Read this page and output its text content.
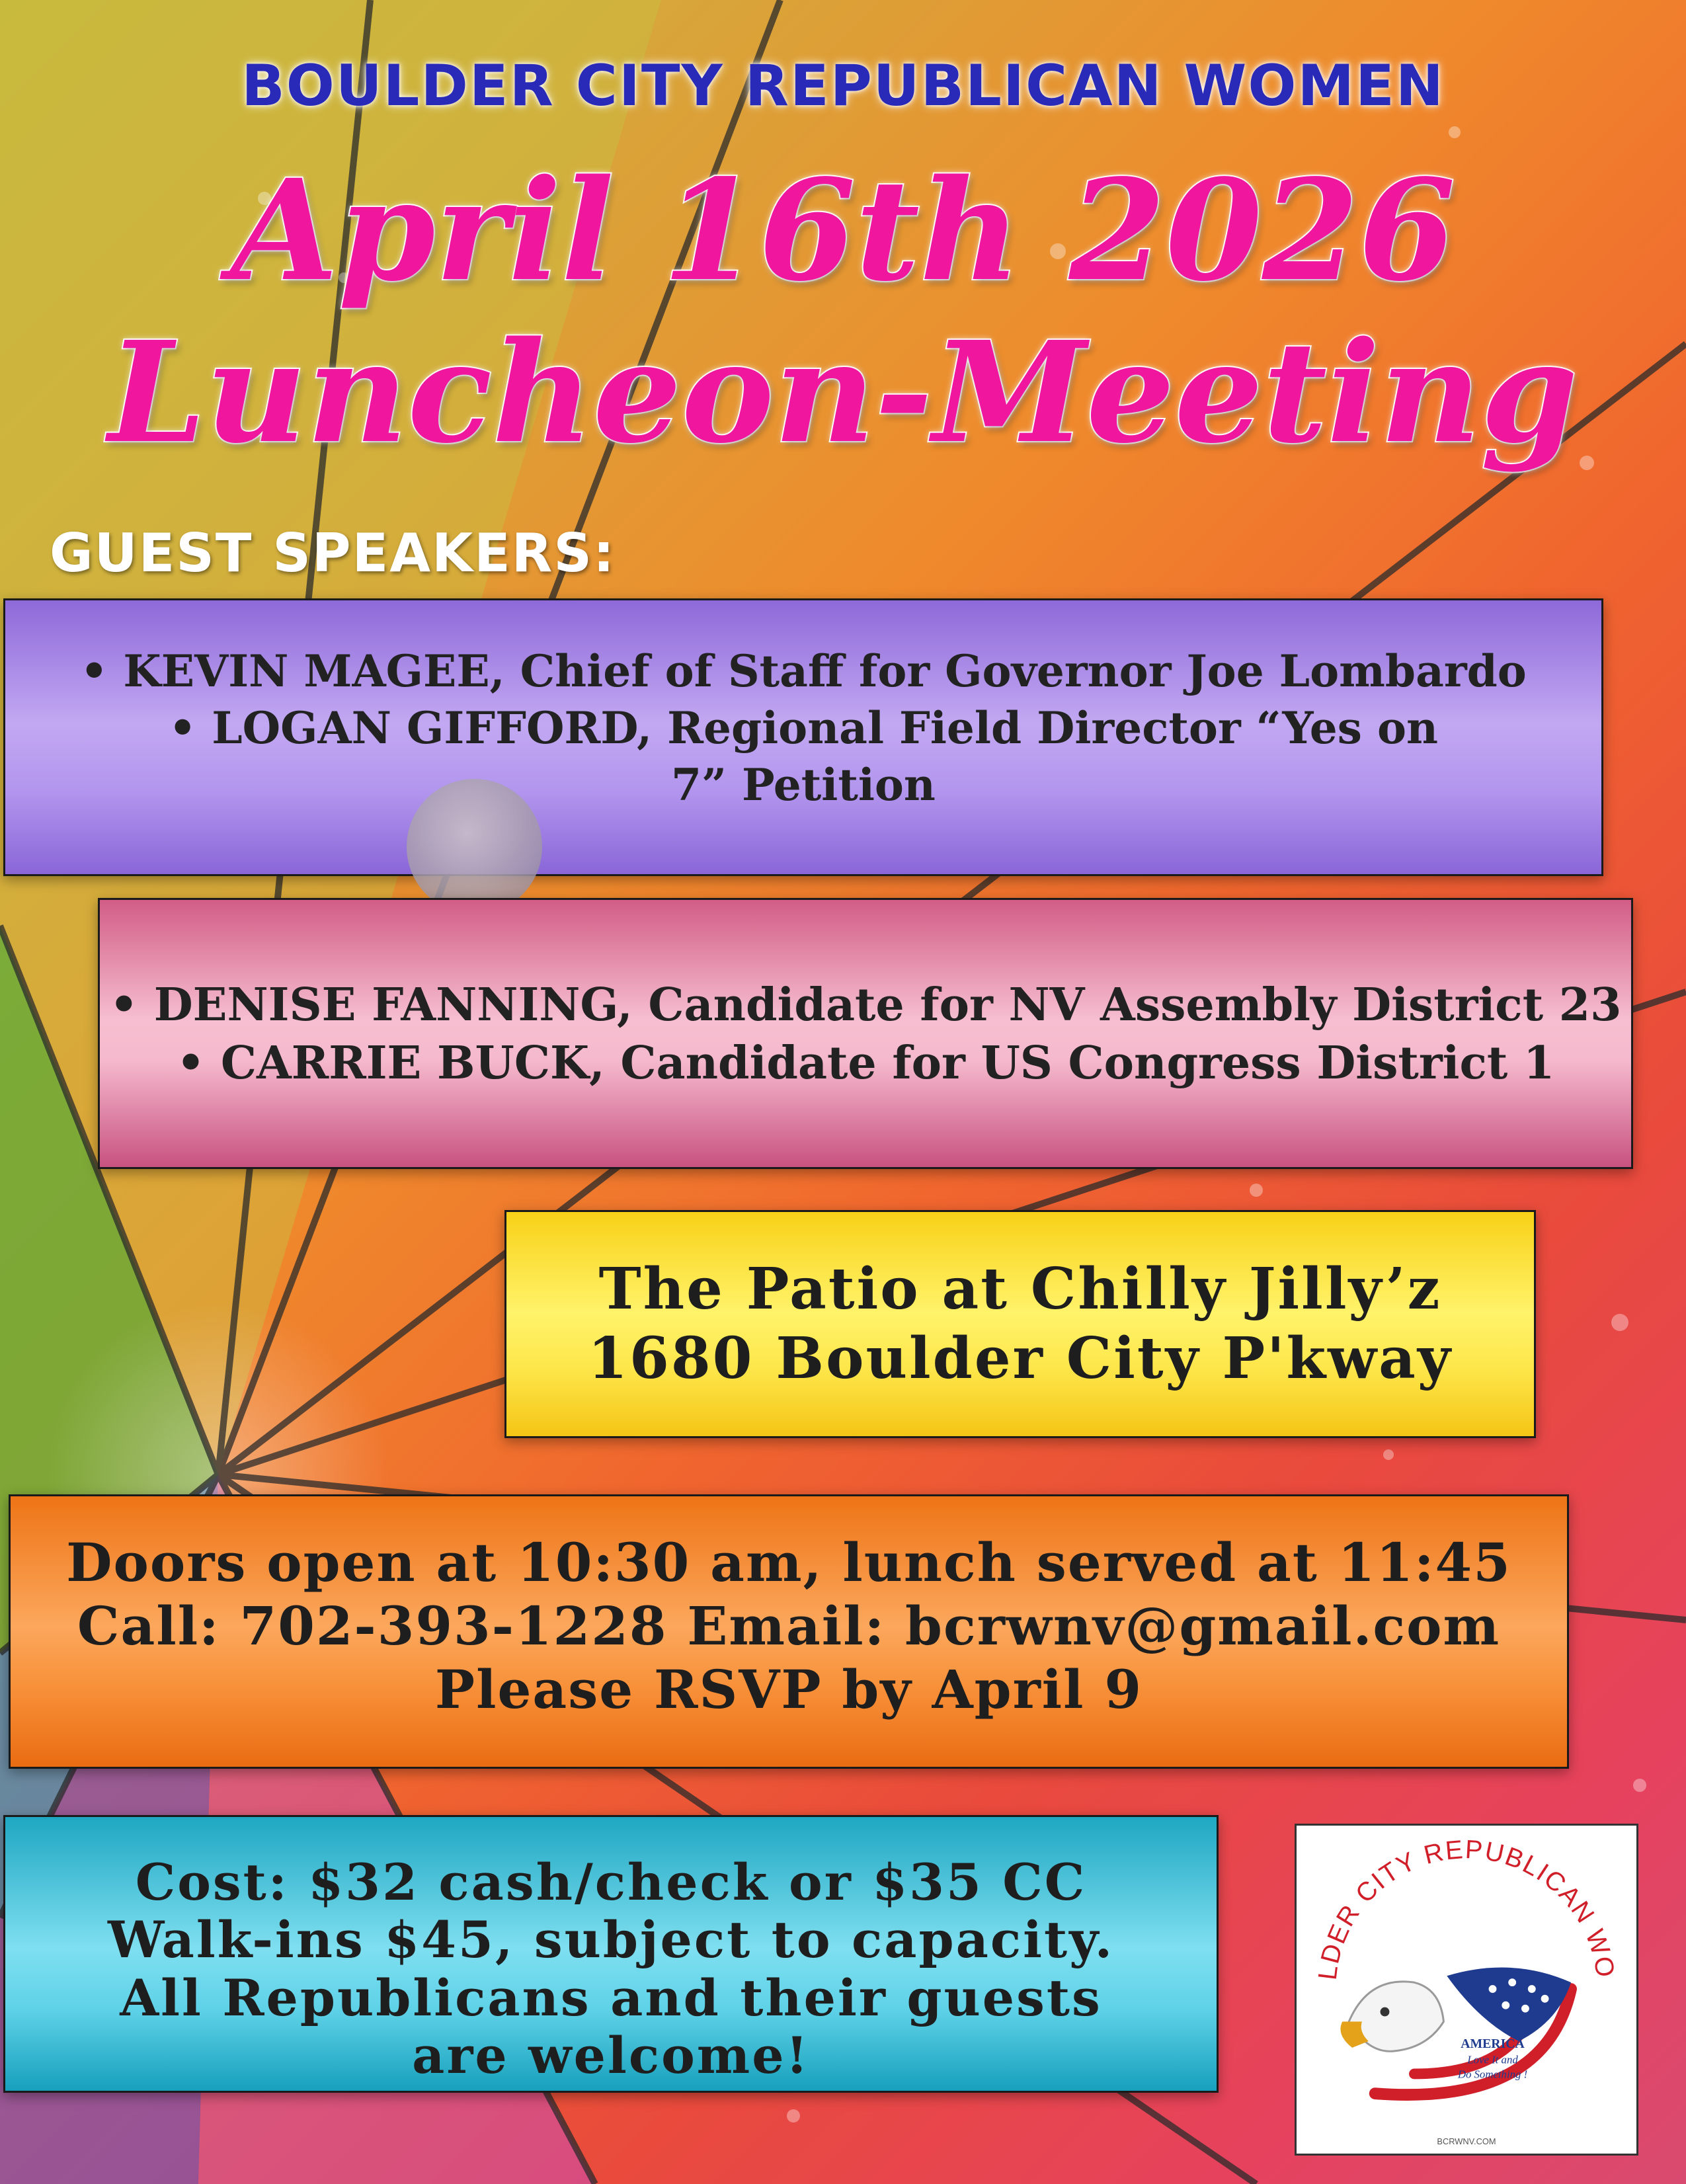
BOULDER CITY REPUBLICAN WOMEN
April 16th 2026
Luncheon-Meeting
GUEST SPEAKERS:
• KEVIN MAGEE, Chief of Staff for Governor Joe Lombardo
• LOGAN GIFFORD, Regional Field Director “Yes on 7” Petition
• DENISE FANNING, Candidate for NV Assembly District 23
• CARRIE BUCK, Candidate for US Congress District 1
The Patio at Chilly Jilly’z
1680 Boulder City P'kway
Doors open at 10:30 am, lunch served at 11:45
Call: 702-393-1228 Email: bcrwnv@gmail.com
Please RSVP by April 9
Cost: $32 cash/check or $35 CC
Walk-ins $45, subject to capacity.
All Republicans and their guests
are welcome!
LDER CITY REPUBLICAN WO
AMERICA
Love It and
Do Something !
BCRWNV.COM
